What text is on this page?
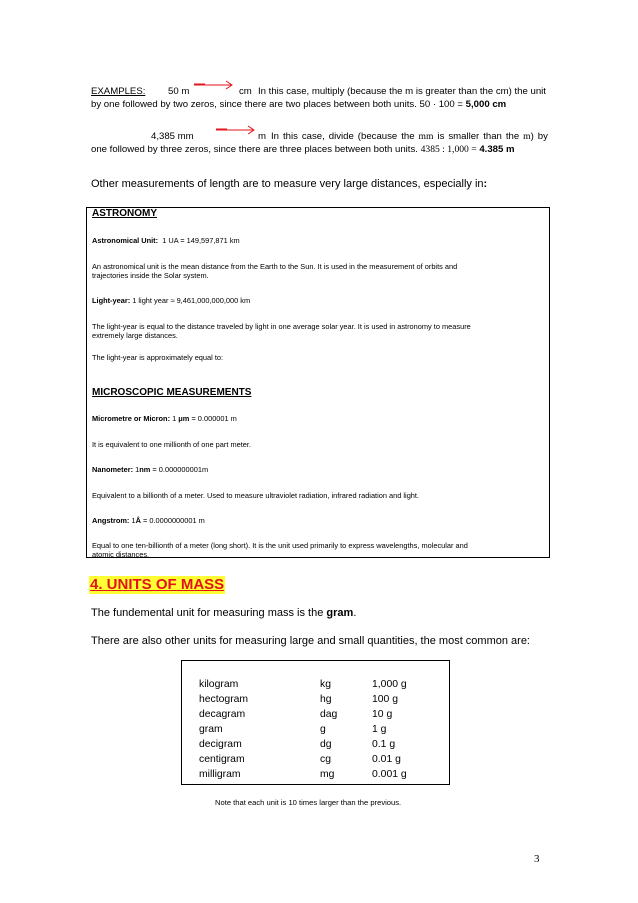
EXAMPLES:	50 m	cm In this case, multiply (because the m is greater than the cm) the unit
by one followed by two zeros, since there are two places between both units. 50 · 100 = 5,000 cm
4,385 mm	m In this case, divide (because the mm is smaller than the m) by
one followed by three zeros, since there are three places between both units. 4385 : 1,000 = 4.385 m
Other measurements of length are to measure very large distances, especially in:
ASTRONOMY
Astronomical Unit: 1 UA = 149,597,871 km
An astronomical unit is the mean distance from the Earth to the Sun. It is used in the measurement of orbits and
trajectories inside the Solar system.
Light-year: 1 light year ≈ 9,461,000,000,000 km
The light-year is equal to the distance traveled by light in one average solar year. It is used in astronomy to measure
extremely large distances.
The light-year is approximately equal to:
MICROSCOPIC MEASUREMENTS
Micrometre or Micron: 1 μm = 0.000001 m
It is equivalent to one millionth of one part meter.
Nanometer: 1nm = 0.000000001m
Equivalent to a billionth of a meter. Used to measure ultraviolet radiation, infrared radiation and light.
Angstrom: 1Å = 0.0000000001 m
Equal to one ten-billionth of a meter (long short). It is the unit used primarily to express wavelengths, molecular and
atomic distances.
4. UNITS OF MASS
The fundemental unit for measuring mass is the gram.
There are also other units for measuring large and small quantities, the most common are:
kilogram	kg	1,000 g
hectogram	hg	100 g
decagram	dag	10 g
gram	g	1 g
decigram	dg	0.1 g
centigram	cg	0.01 g
milligram	mg	0.001 g
Note that each unit is 10 times larger than the previous.
3
